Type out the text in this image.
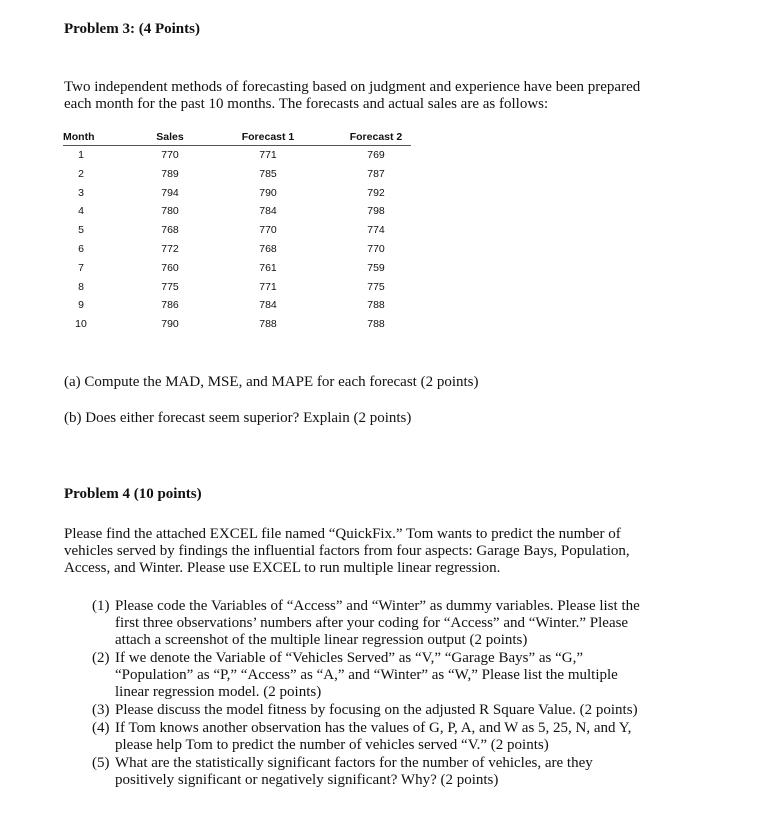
Problem 3: (4 Points)

Two independent methods of forecasting based on judgment and experience have been prepared
each month for the past 10 months. The forecasts and actual sales are as follows:

Month	Sales	Forecast 1	Forecast 2
1	770	771	769
2	789	785	787
3	794	790	792
4	780	784	798
5	768	770	774
6	772	768	770
7	760	761	759
8	775	771	775
9	786	784	788
10	790	788	788

(a) Compute the MAD, MSE, and MAPE for each forecast (2 points)

(b) Does either forecast seem superior? Explain (2 points)

Problem 4 (10 points)

Please find the attached EXCEL file named “QuickFix.” Tom wants to predict the number of
vehicles served by findings the influential factors from four aspects: Garage Bays, Population,
Access, and Winter. Please use EXCEL to run multiple linear regression.

(1) Please code the Variables of “Access” and “Winter” as dummy variables. Please list the
first three observations’ numbers after your coding for “Access” and “Winter.” Please
attach a screenshot of the multiple linear regression output (2 points)
(2) If we denote the Variable of “Vehicles Served” as “V,” “Garage Bays” as “G,”
“Population” as “P,” “Access” as “A,” and “Winter” as “W,” Please list the multiple
linear regression model. (2 points)
(3) Please discuss the model fitness by focusing on the adjusted R Square Value. (2 points)
(4) If Tom knows another observation has the values of G, P, A, and W as 5, 25, N, and Y,
please help Tom to predict the number of vehicles served “V.” (2 points)
(5) What are the statistically significant factors for the number of vehicles, are they
positively significant or negatively significant? Why? (2 points)
